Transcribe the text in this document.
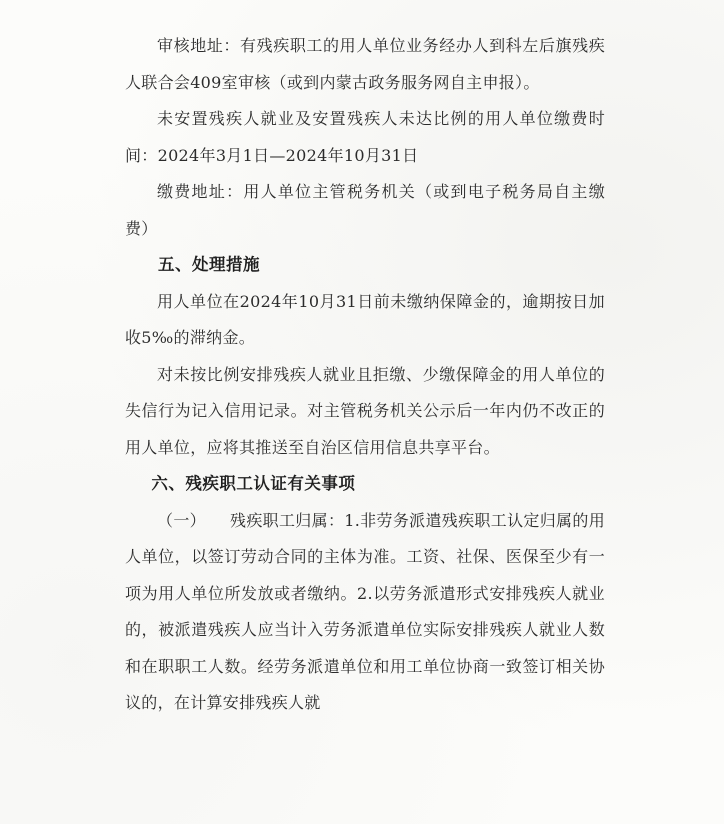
审核地址：有残疾职工的用人单位业务经办人到科左后旗残疾人联合会409室审核（或到内蒙古政务服务网自主申报）。

未安置残疾人就业及安置残疾人未达比例的用人单位缴费时间：2024年3月1日—2024年10月31日

缴费地址：用人单位主管税务机关（或到电子税务局自主缴费）

五、处理措施

用人单位在2024年10月31日前未缴纳保障金的，逾期按日加收5‰的滞纳金。

对未按比例安排残疾人就业且拒缴、少缴保障金的用人单位的失信行为记入信用记录。对主管税务机关公示后一年内仍不改正的用人单位，应将其推送至自治区信用信息共享平台。

六、残疾职工认证有关事项

（一） 残疾职工归属：1.非劳务派遣残疾职工认定归属的用人单位，以签订劳动合同的主体为准。工资、社保、医保至少有一项为用人单位所发放或者缴纳。2.以劳务派遣形式安排残疾人就业的，被派遣残疾人应当计入劳务派遣单位实际安排残疾人就业人数和在职职工人数。经劳务派遣单位和用工单位协商一致签订相关协议的，在计算安排残疾人就
